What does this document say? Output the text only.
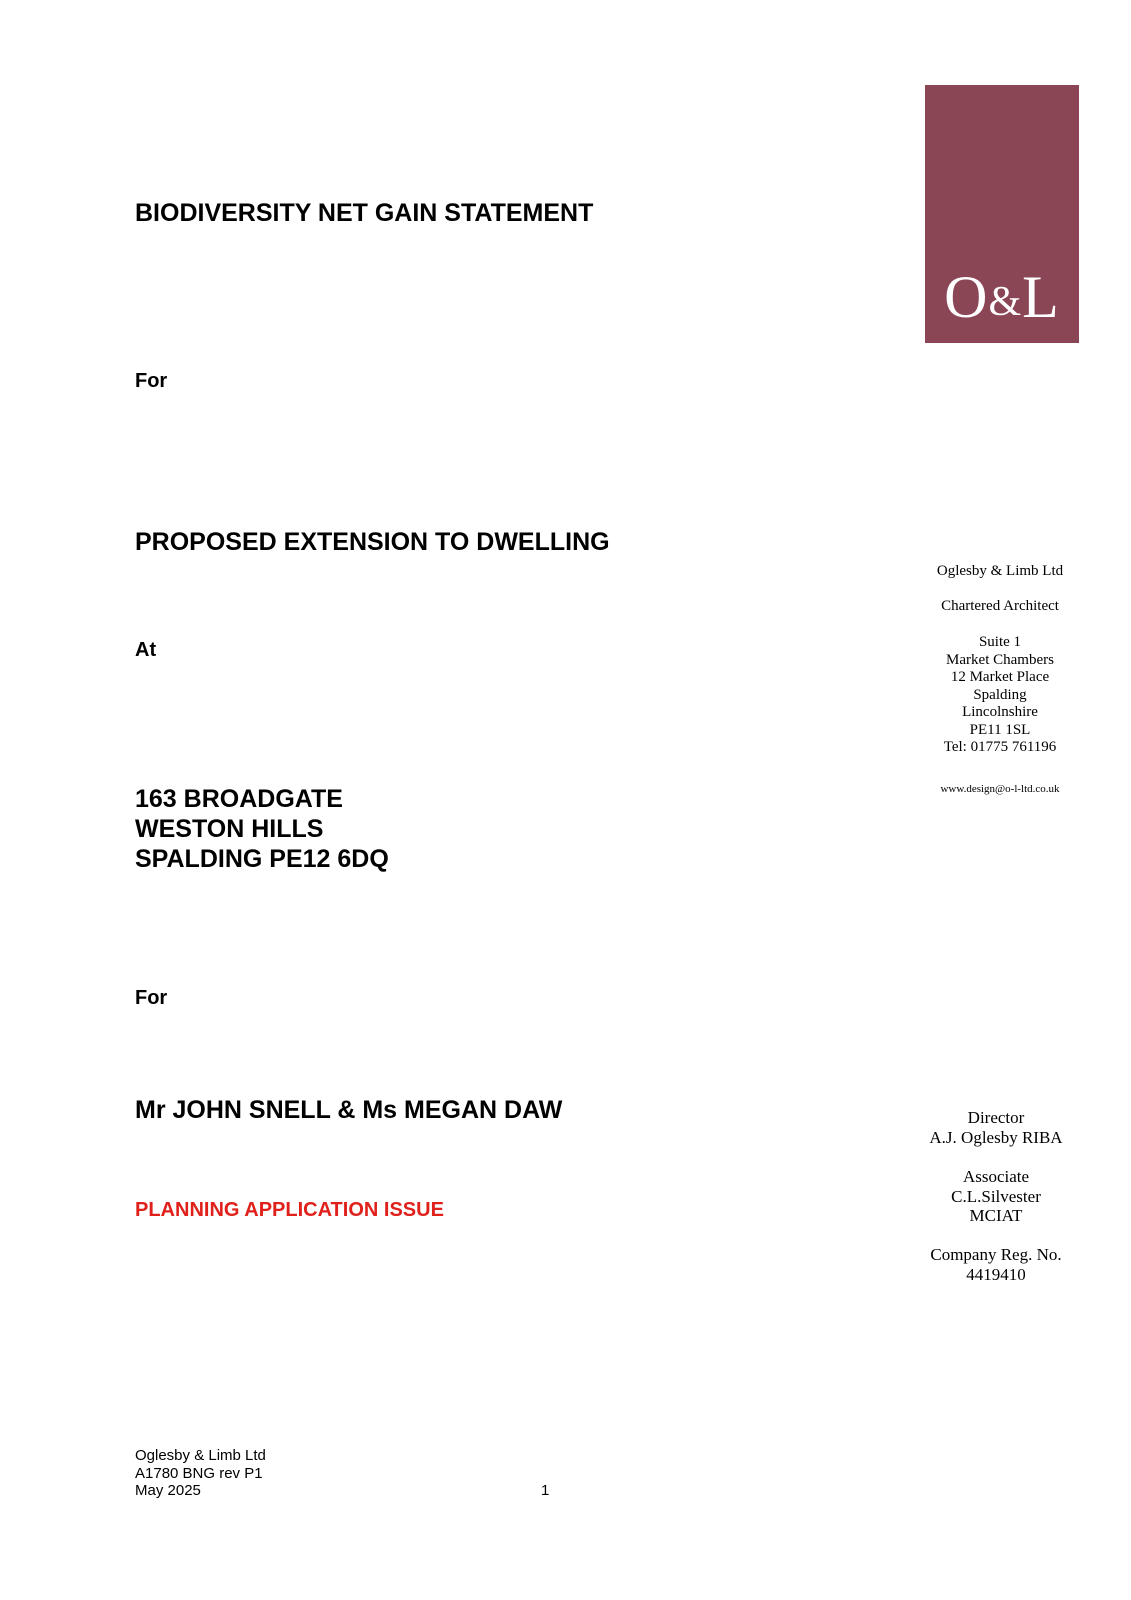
BIODIVERSITY NET GAIN STATEMENT
For
PROPOSED EXTENSION TO DWELLING
At
163 BROADGATE
WESTON HILLS
SPALDING PE12 6DQ
For
Mr JOHN SNELL & Ms MEGAN DAW
PLANNING APPLICATION ISSUE
O&L
Oglesby & Limb Ltd
Chartered Architect
Suite 1
Market Chambers
12 Market Place
Spalding
Lincolnshire
PE11 1SL
Tel: 01775 761196
www.design@o-l-ltd.co.uk
Director
A.J. Oglesby RIBA
Associate
C.L.Silvester
MCIAT
Company Reg. No.
4419410
Oglesby & Limb Ltd
A1780 BNG rev P1
May 2025	1
